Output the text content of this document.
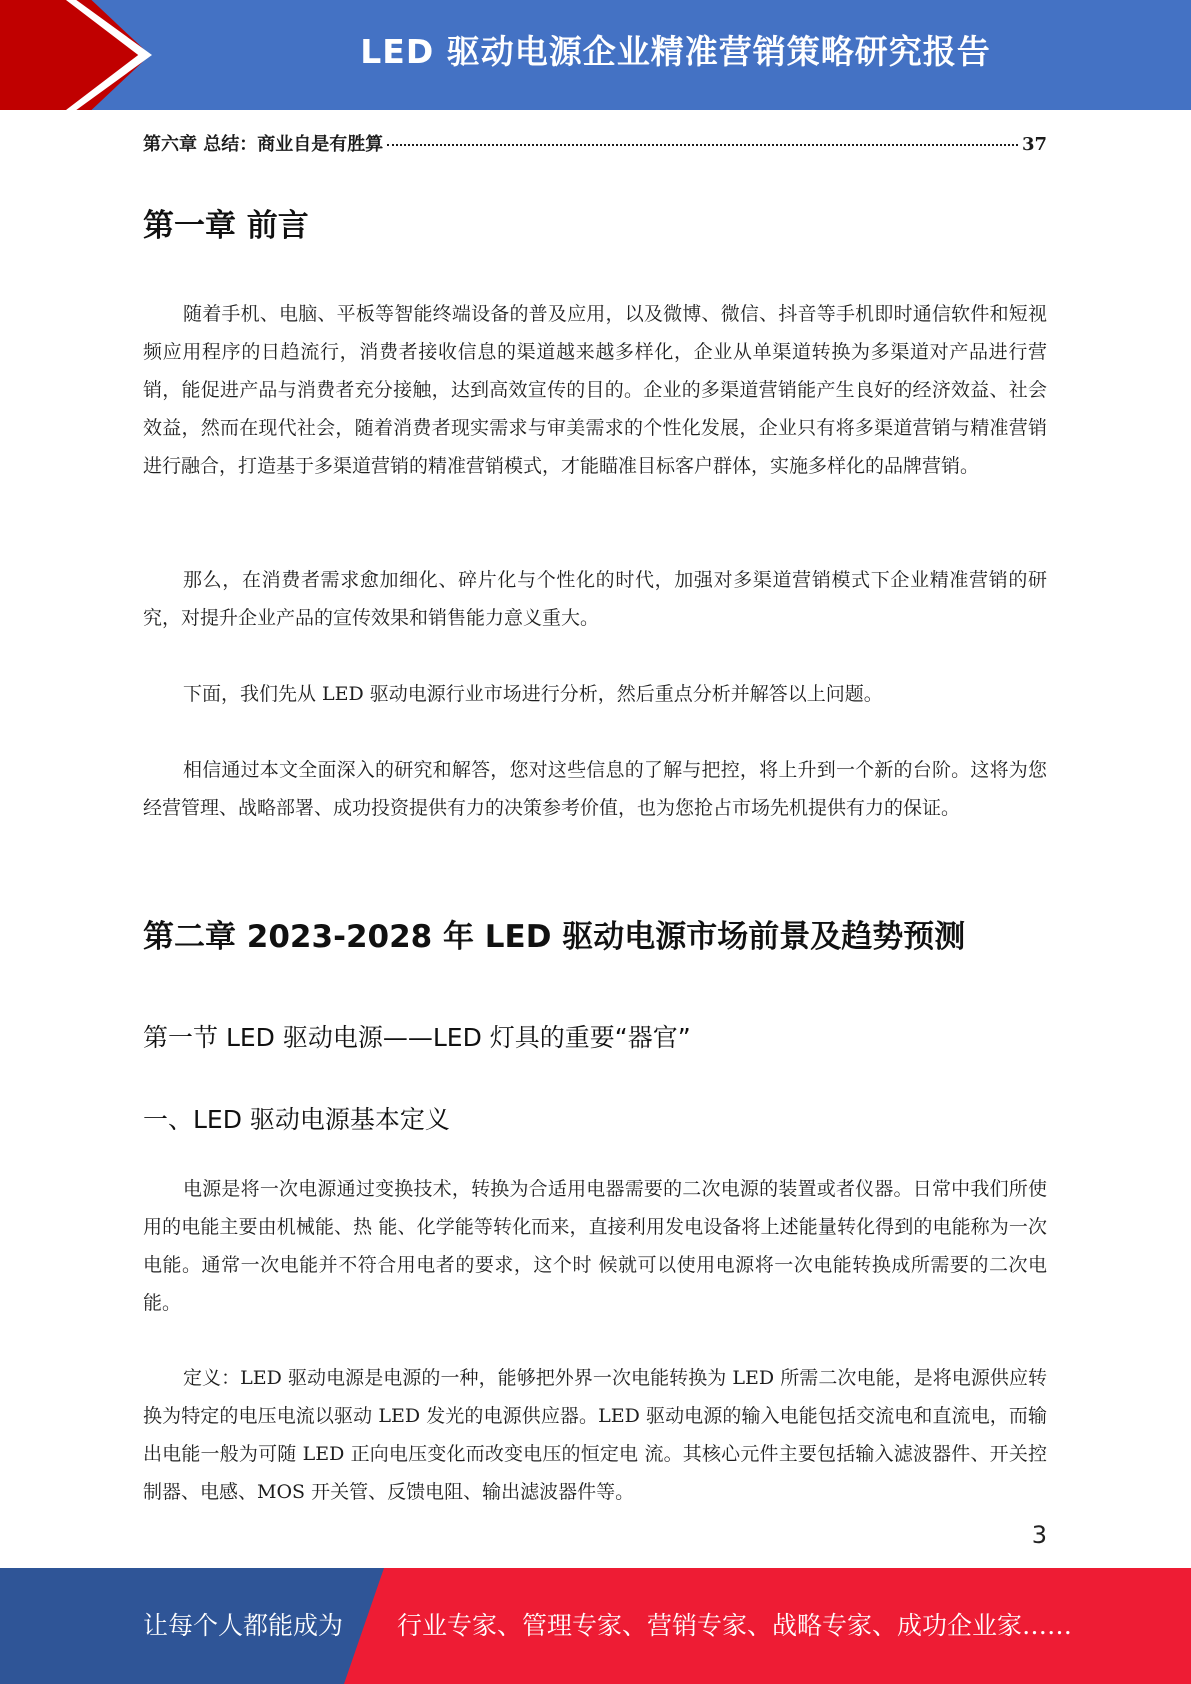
LED 驱动电源企业精准营销策略研究报告
第六章 总结：商业自是有胜算	37
第一章 前言

随着手机、电脑、平板等智能终端设备的普及应用，以及微博、微信、抖音等手机即时通信软件和短视频应用程序的日趋流行，消费者接收信息的渠道越来越多样化，企业从单渠道转换为多渠道对产品进行营销，能促进产品与消费者充分接触，达到高效宣传的目的。企业的多渠道营销能产生良好的经济效益、社会效益，然而在现代社会，随着消费者现实需求与审美需求的个性化发展，企业只有将多渠道营销与精准营销进行融合，打造基于多渠道营销的精准营销模式，才能瞄准目标客户群体，实施多样化的品牌营销。

那么，在消费者需求愈加细化、碎片化与个性化的时代，加强对多渠道营销模式下企业精准营销的研究，对提升企业产品的宣传效果和销售能力意义重大。

下面，我们先从 LED 驱动电源行业市场进行分析，然后重点分析并解答以上问题。

相信通过本文全面深入的研究和解答，您对这些信息的了解与把控，将上升到一个新的台阶。这将为您经营管理、战略部署、成功投资提供有力的决策参考价值，也为您抢占市场先机提供有力的保证。

第二章 2023-2028 年 LED 驱动电源市场前景及趋势预测
第一节 LED 驱动电源——LED 灯具的重要“器官”
一、LED 驱动电源基本定义

电源是将一次电源通过变换技术，转换为合适用电器需要的二次电源的装置或者仪器。日常中我们所使用的电能主要由机械能、热 能、化学能等转化而来，直接利用发电设备将上述能量转化得到的电能称为一次电能。通常一次电能并不符合用电者的要求，这个时 候就可以使用电源将一次电能转换成所需要的二次电能。

定义：LED 驱动电源是电源的一种，能够把外界一次电能转换为 LED 所需二次电能，是将电源供应转换为特定的电压电流以驱动 LED 发光的电源供应器。LED 驱动电源的输入电能包括交流电和直流电，而输出电能一般为可随 LED 正向电压变化而改变电压的恒定电 流。其核心元件主要包括输入滤波器件、开关控制器、电感、MOS 开关管、反馈电阻、输出滤波器件等。

3
让每个人都能成为 行业专家、管理专家、营销专家、战略专家、成功企业家……
